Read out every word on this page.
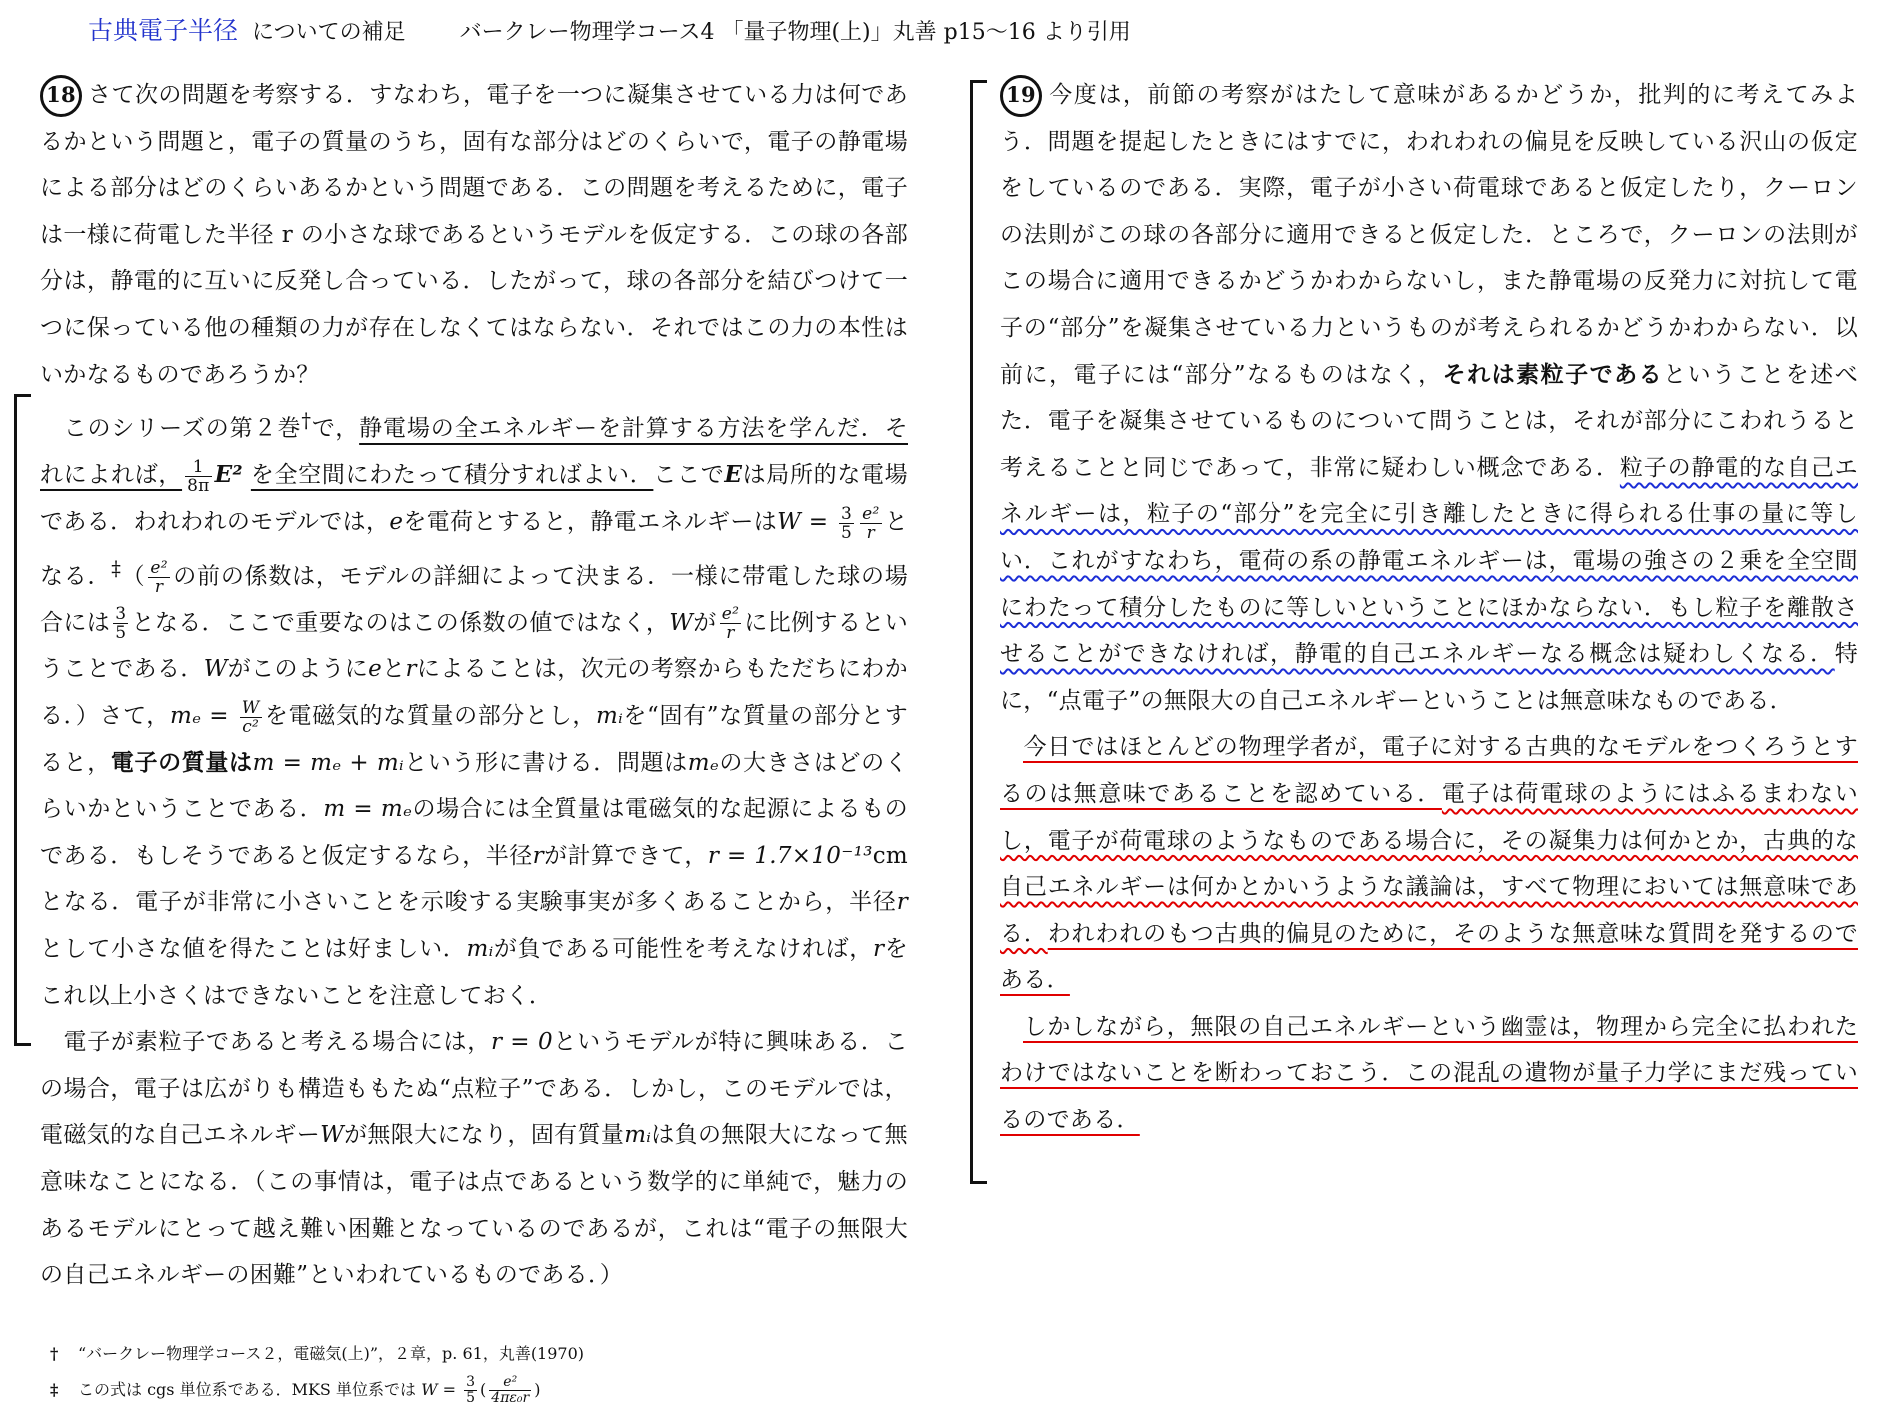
古典電子半径 についての補足 バークレー物理学コース4 「量子物理(上)」丸善 p15〜16 より引用

18 さて次の問題を考察する．すなわち，電子を一つに凝集させている力は何であるかという問題と，電子の質量のうち，固有な部分はどのくらいで，電子の静電場による部分はどのくらいあるかという問題である．この問題を考えるために，電子は一様に荷電した半径 r の小さな球であるというモデルを仮定する．この球の各部分は，静電的に互いに反発し合っている．したがって，球の各部分を結びつけて一つに保っている他の種類の力が存在しなくてはならない．それではこの力の本性はいかなるものであろうか？

このシリーズの第２巻†で，静電場の全エネルギーを計算する方法を学んだ．それによれば， $\frac{1}{8\pi} E^2$ を全空間にわたって積分すればよい．ここでEは局所的な電場である．われわれのモデルでは，eを電荷とすると，静電エネルギーは$W = \frac{3}{5} \frac{\text{e²}}{r}$ となる．$^\ddagger( \frac{\text{e²}}{r}$ の前の係数は，モデルの詳細によって決まる．一様に帯電した球の場合には $\frac{3}{5}$ となる．ここで重要なのはこの係数の値ではなく，Wが $\frac{\text{e²}}{r}$ に比例するということである．Wがこのようにeとrによることは，次元の考察からもただちにわかる．）さて，$m_e = \frac{W}{\text{c²}}$ を電磁気的な質量の部分とし，mᵢを“固有”な質量の部分とすると，電子の質量はm = mₑ + mᵢという形に書ける．問題はmₑの大きさはどのくらいかということである．m = mₑの場合には全質量は電磁気的な起源によるものである．もしそうであると仮定するなら，半径rが計算できて，r = 1.7×10⁻¹³cm となる．電子が非常に小さいことを示唆する実験事実が多くあることから，半径rとして小さな値を得たことは好ましい．mᵢが負である可能性を考えなければ，rをこれ以上小さくはできないことを注意しておく．

電子が素粒子であると考える場合には，r = 0というモデルが特に興味ある．この場合，電子は広がりも構造ももたぬ“点粒子”である．しかし，このモデルでは，電磁気的な自己エネルギーWが無限大になり，固有質量mᵢは負の無限大になって無意味なことになる．（この事情は，電子は点であるという数学的に単純で，魅力のあるモデルにとって越え難い困難となっているのであるが，これは“電子の無限大の自己エネルギーの困難”といわれているものである．）

19 今度は，前節の考察がはたして意味があるかどうか，批判的に考えてみよう．問題を提起したときにはすでに，われわれの偏見を反映している沢山の仮定をしているのである．実際，電子が小さい荷電球であると仮定したり，クーロンの法則がこの球の各部分に適用できると仮定した．ところで，クーロンの法則がこの場合に適用できるかどうかわからないし，また静電場の反発力に対抗して電子の“部分”を凝集させている力というものが考えられるかどうかわからない．以前に，電子には“部分”なるものはなく，それは素粒子であるということを述べた．電子を凝集させているものについて問うことは，それが部分にこわれうると考えることと同じであって，非常に疑わしい概念である．粒子の静電的な自己エネルギーは，粒子の“部分”を完全に引き離したときに得られる仕事の量に等しい．これがすなわち，電荷の系の静電エネルギーは，電場の強さの２乗を全空間にわたって積分したものに等しいということにほかならない．もし粒子を離散させることができなければ，静電的自己エネルギーなる概念は疑わしくなる．特に，“点電子”の無限大の自己エネルギーということは無意味なものである．

今日ではほとんどの物理学者が，電子に対する古典的なモデルをつくろうとするのは無意味であることを認めている．電子は荷電球のようにはふるまわないし，電子が荷電球のようなものである場合に，その凝集力は何かとか，古典的な自己エネルギーは何かとかいうような議論は，すべて物理においては無意味である．われわれのもつ古典的偏見のために，そのような無意味な質問を発するのである．

しかしながら，無限の自己エネルギーという幽霊は，物理から完全に払われたわけではないことを断わっておこう．この混乱の遺物が量子力学にまだ残っているのである．

† “バークレー物理学コース２，電磁気(上)”，２章，p. 61，丸善(1970)
‡ この式は cgs 単位系である．MKS 単位系では $W = \frac{3}{5}$ ( $\frac{\text{e²}}{\text{4πε₀r}}$ )
